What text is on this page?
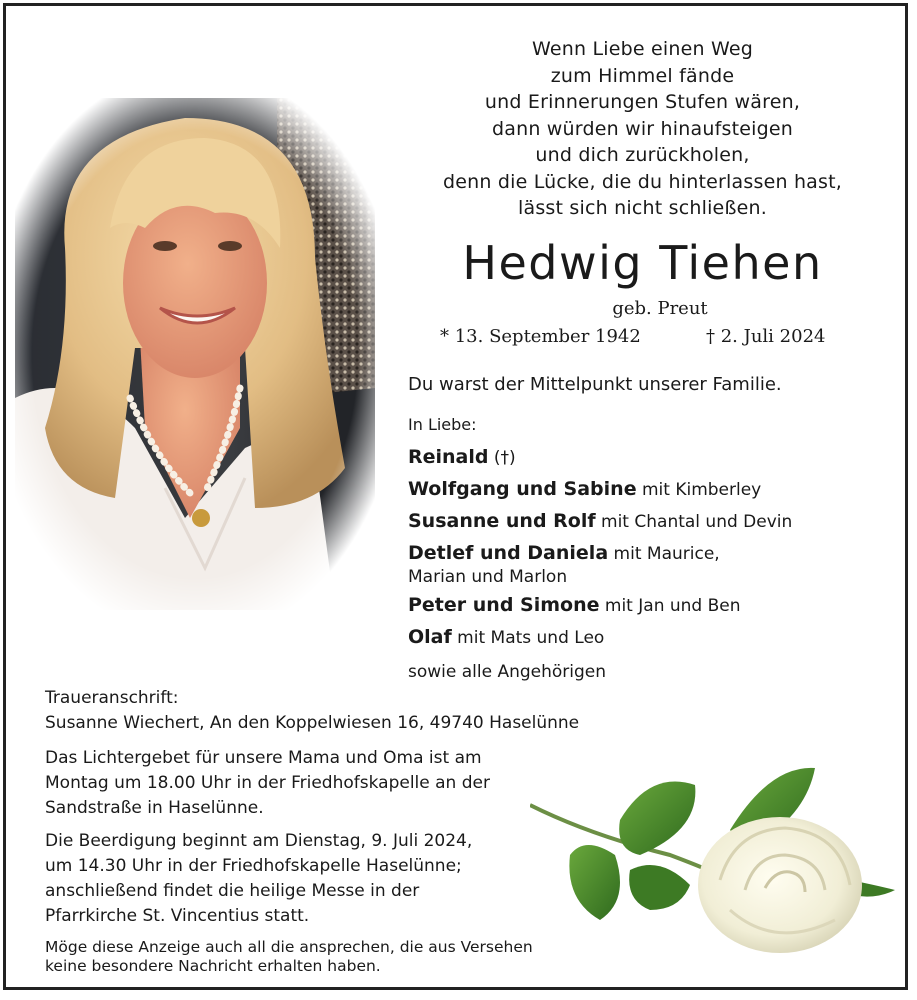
Wenn Liebe einen Weg
zum Himmel fände
und Erinnerungen Stufen wären,
dann würden wir hinaufsteigen
und dich zurückholen,
denn die Lücke, die du hinterlassen hast,
lässt sich nicht schließen.
Hedwig Tiehen
geb. Preut
* 13. September 1942	† 2. Juli 2024
Du warst der Mittelpunkt unserer Familie.
In Liebe:
Reinald (†)
Wolfgang und Sabine mit Kimberley
Susanne und Rolf mit Chantal und Devin
Detlef und Daniela mit Maurice,
Marian und Marlon
Peter und Simone mit Jan und Ben
Olaf mit Mats und Leo
sowie alle Angehörigen
Traueranschrift:
Susanne Wiechert, An den Koppelwiesen 16, 49740 Haselünne
Das Lichtergebet für unsere Mama und Oma ist am
Montag um 18.00 Uhr in der Friedhofskapelle an der
Sandstraße in Haselünne.
Die Beerdigung beginnt am Dienstag, 9. Juli 2024,
um 14.30 Uhr in der Friedhofskapelle Haselünne;
anschließend findet die heilige Messe in der
Pfarrkirche St. Vincentius statt.
Möge diese Anzeige auch all die ansprechen, die aus Versehen
keine besondere Nachricht erhalten haben.
